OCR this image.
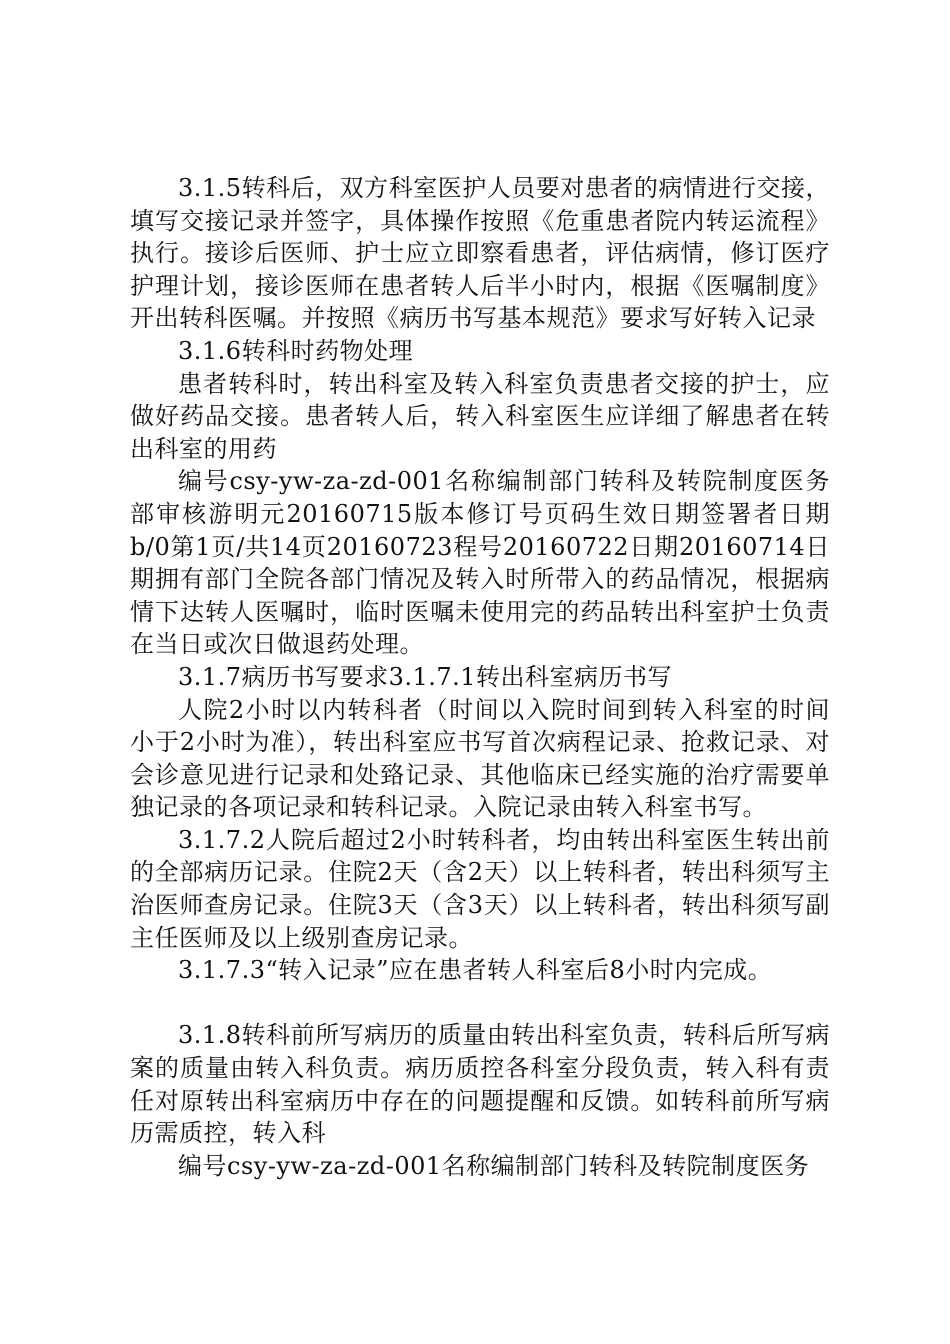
3.1.5转科后，双方科室医护人员要对患者的病情进行交接，填写交接记录并签字，具体操作按照《危重患者院内转运流程》执行。接诊后医师、护士应立即察看患者，评估病情，修订医疗护理计划，接诊医师在患者转人后半小时内，根据《医嘱制度》开出转科医嘱。并按照《病历书写基本规范》要求写好转入记录

3.1.6转科时药物处理

患者转科时，转出科室及转入科室负责患者交接的护士，应做好药品交接。患者转人后，转入科室医生应详细了解患者在转出科室的用药

编号csy-yw-za-zd-001名称编制部门转科及转院制度医务部审核游明元20160715版本修订号页码生效日期签署者日期b/0第1页/共14页20160723程号20160722日期20160714日期拥有部门全院各部门情况及转入时所带入的药品情况，根据病情下达转人医嘱时，临时医嘱未使用完的药品转出科室护士负责在当日或次日做退药处理。

3.1.7病历书写要求3.1.7.1转出科室病历书写

人院2小时以内转科者（时间以入院时间到转入科室的时间小于2小时为准），转出科室应书写首次病程记录、抢救记录、对会诊意见进行记录和处臵记录、其他临床已经实施的治疗需要单独记录的各项记录和转科记录。入院记录由转入科室书写。

3.1.7.2人院后超过2小时转科者，均由转出科室医生转出前的全部病历记录。住院2天（含2天）以上转科者，转出科须写主治医师查房记录。住院3天（含3天）以上转科者，转出科须写副主任医师及以上级别查房记录。

3.1.7.3“转入记录”应在患者转人科室后8小时内完成。

3.1.8转科前所写病历的质量由转出科室负责，转科后所写病案的质量由转入科负责。病历质控各科室分段负责，转入科有责任对原转出科室病历中存在的问题提醒和反馈。如转科前所写病历需质控，转入科

编号csy-yw-za-zd-001名称编制部门转科及转院制度医务
